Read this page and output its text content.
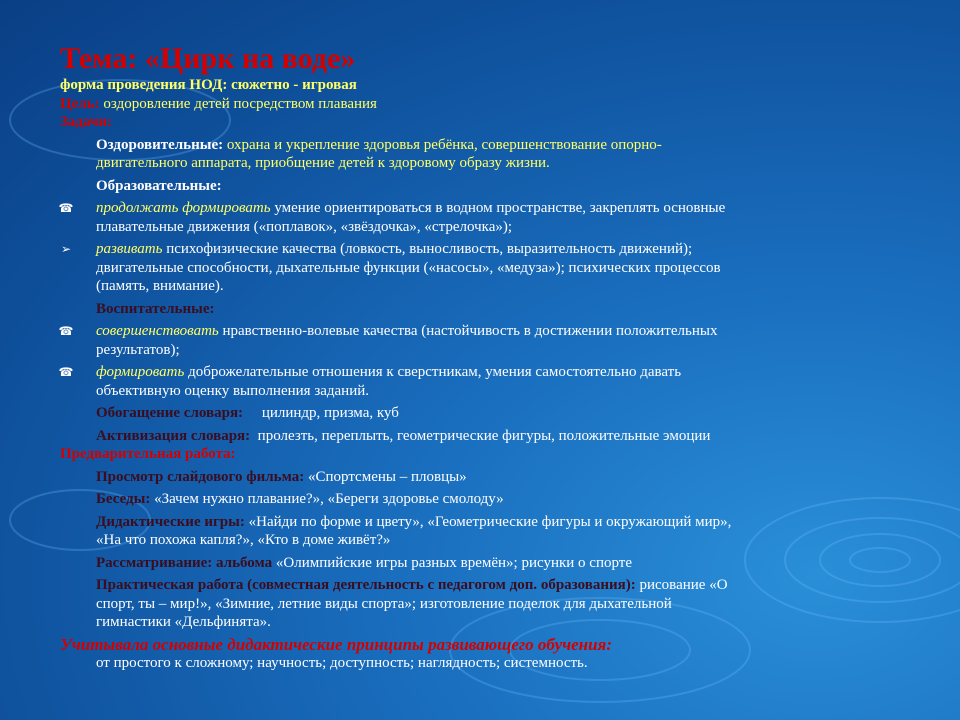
Тема: «Цирк на воде»
форма проведения НОД: сюжетно - игровая
Цель: оздоровление детей посредством плавания
Задачи:
Оздоровительные: охрана и укрепление здоровья ребёнка, совершенствование опорно-
двигательного аппарата, приобщение детей к здоровому образу жизни.
Образовательные:
☎ продолжать формировать умение ориентироваться в водном пространстве, закреплять основные
плавательные движения («поплавок», «звёздочка», «стрелочка»);
➢ развивать психофизические качества (ловкость, выносливость, выразительность движений);
двигательные способности, дыхательные функции («насосы», «медуза»); психических процессов
(память, внимание).
Воспитательные:
☎ совершенствовать нравственно-волевые качества (настойчивость в достижении положительных
результатов);
☎ формировать доброжелательные отношения к сверстникам, умения самостоятельно давать
объективную оценку выполнения заданий.
Обогащение словаря:     цилиндр, призма, куб
Активизация словаря:  пролезть, переплыть, геометрические фигуры, положительные эмоции
Предварительная работа:
Просмотр слайдового фильма: «Спортсмены – пловцы»
Беседы: «Зачем нужно плавание?», «Береги здоровье смолоду»
Дидактические игры: «Найди по форме и цвету», «Геометрические фигуры и окружающий мир»,
«На что похожа капля?», «Кто в доме живёт?»
Рассматривание: альбома «Олимпийские игры разных времён»; рисунки о спорте
Практическая работа (совместная деятельность с педагогом доп. образования): рисование «О
спорт, ты – мир!», «Зимние, летние виды спорта»; изготовление поделок для дыхательной
гимнастики «Дельфинята».
Учитывала основные дидактические принципы развивающего обучения:
от простого к сложному; научность; доступность; наглядность; системность.
